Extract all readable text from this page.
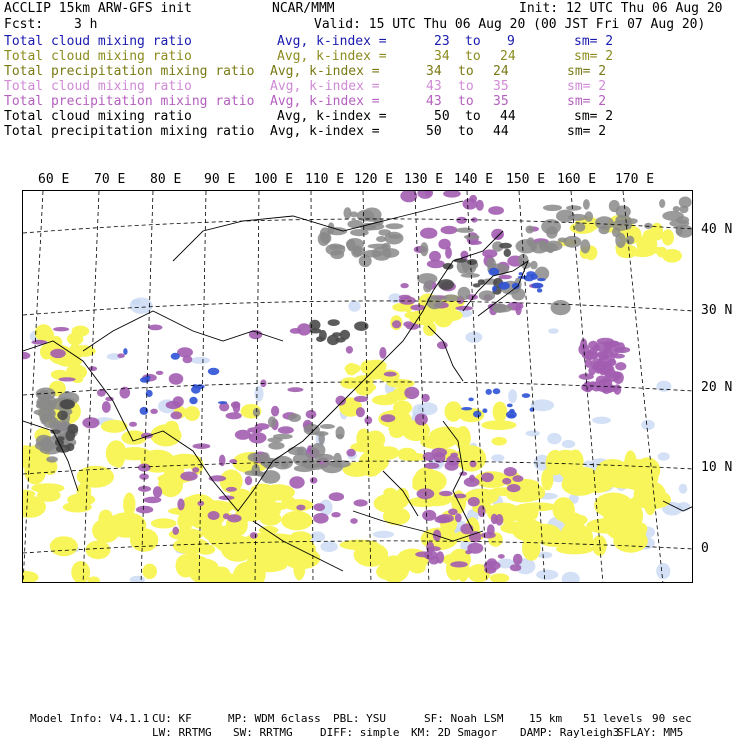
ACCLIP 15km ARW-GFS init	NCAR/MMM	Init: 12 UTC Thu 06 Aug 20
Fcst: 3 h	Valid: 15 UTC Thu 06 Aug 20 (00 JST Fri 07 Aug 20)
Total cloud mixing ratio	Avg, k-index =	23 to 9	sm= 2
Total cloud mixing ratio	Avg, k-index =	34 to 24	sm= 2
Total precipitation mixing ratio Avg, k-index =	34 to 24	sm= 2
Total cloud mixing ratio	Avg, k-index =	43 to 35	sm= 2
Total precipitation mixing ratio Avg, k-index =	43 to 35	sm= 2
Total cloud mixing ratio	Avg, k-index =	50 to 44	sm= 2
Total precipitation mixing ratio Avg, k-index =	50 to 44	sm= 2
60 E 70 E 80 E 90 E 100 E 110 E 120 E 130 E 140 E 150 E 160 E 170 E
40 N
30 N
20 N
10 N
0
Model Info: V4.1.1 CU: KF	MP: WDM 6class PBL: YSU	SF: Noah LSM 15 km 51 levels 90 sec
LW: RRTMG SW: RRTMG DIFF: simple KM: 2D Smagor DAMP: Rayleigh3
SFLAY: MM5
